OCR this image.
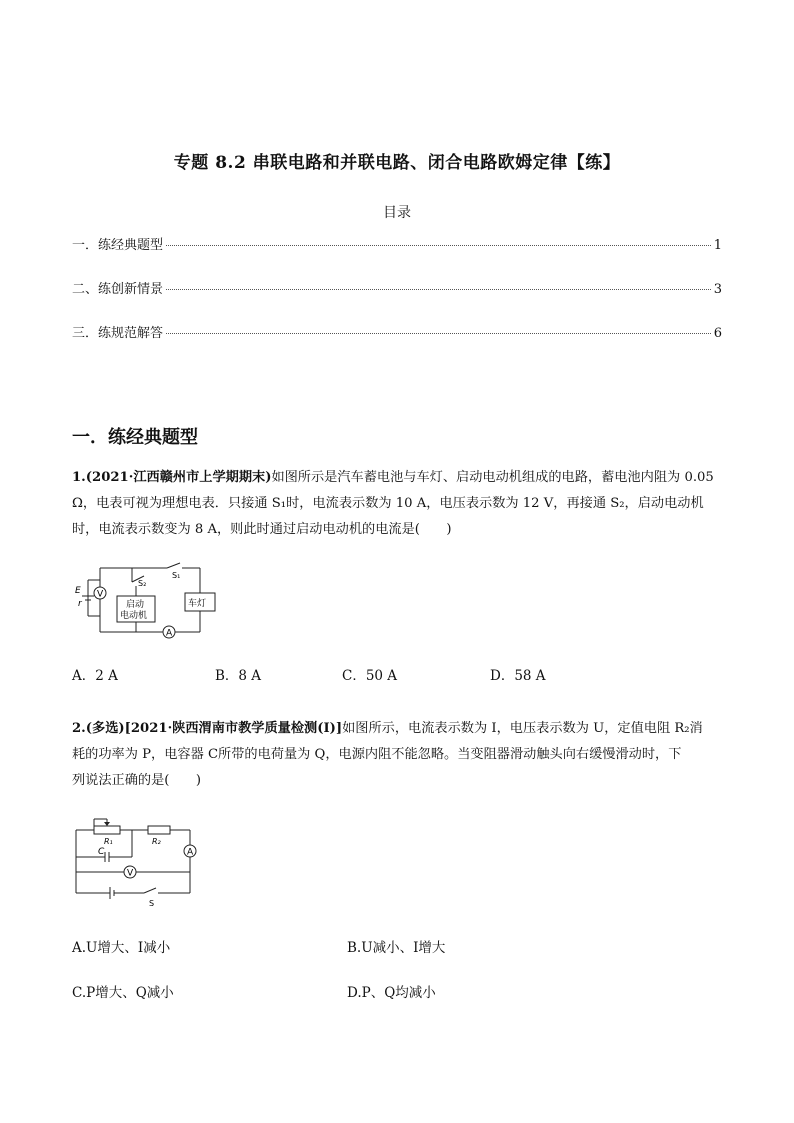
专题 8.2 串联电路和并联电路、闭合电路欧姆定律【练】
目录
一．练经典题型	1
二、练创新情景	3
三．练规范解答	6
一．练经典题型
1.(2021·江西赣州市上学期期末)如图所示是汽车蓄电池与车灯、启动电动机组成的电路，蓄电池内阻为 0.05
Ω，电表可视为理想电表．只接通 S₁时，电流表示数为 10 A，电压表示数为 12 V，再接通 S₂，启动电动机
时，电流表示数变为 8 A，则此时通过启动电动机的电流是(　　)
V
A
E
r
S₁
S₂
启动
电动机
车灯
A．2 A	B．8 A	C．50 A	D．58 A
2.(多选)[2021·陕西渭南市教学质量检测(Ⅰ)]如图所示，电流表示数为 I，电压表示数为 U，定值电阻 R₂消
耗的功率为 P，电容器 C所带的电荷量为 Q，电源内阻不能忽略。当变阻器滑动触头向右缓慢滑动时，下
列说法正确的是(　　)
R₁	R₂
C	A
V
S
A.U增大、I减小	B.U减小、I增大
C.P增大、Q减小	D.P、Q均减小
